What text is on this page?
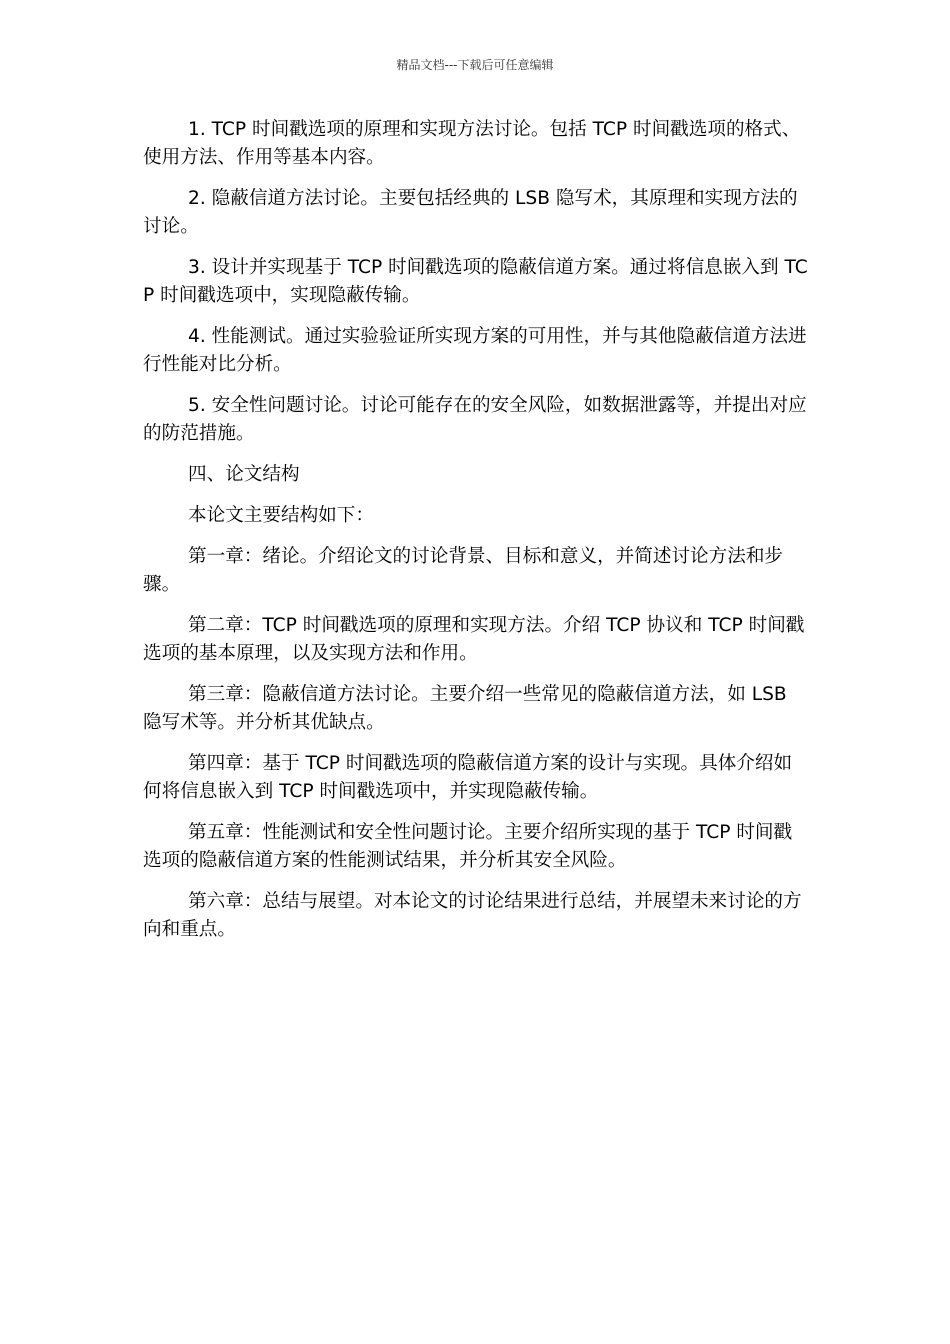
精品文档---下载后可任意编辑

1. TCP 时间戳选项的原理和实现方法讨论。包括 TCP 时间戳选项的格式、使用方法、作用等基本内容。

2. 隐蔽信道方法讨论。主要包括经典的 LSB 隐写术，其原理和实现方法的讨论。

3. 设计并实现基于 TCP 时间戳选项的隐蔽信道方案。通过将信息嵌入到 TCP 时间戳选项中，实现隐蔽传输。

4. 性能测试。通过实验验证所实现方案的可用性，并与其他隐蔽信道方法进行性能对比分析。

5. 安全性问题讨论。讨论可能存在的安全风险，如数据泄露等，并提出对应的防范措施。

四、论文结构

本论文主要结构如下：

第一章：绪论。介绍论文的讨论背景、目标和意义，并简述讨论方法和步骤。

第二章：TCP 时间戳选项的原理和实现方法。介绍 TCP 协议和 TCP 时间戳选项的基本原理，以及实现方法和作用。

第三章：隐蔽信道方法讨论。主要介绍一些常见的隐蔽信道方法，如 LSB 隐写术等。并分析其优缺点。

第四章：基于 TCP 时间戳选项的隐蔽信道方案的设计与实现。具体介绍如何将信息嵌入到 TCP 时间戳选项中，并实现隐蔽传输。

第五章：性能测试和安全性问题讨论。主要介绍所实现的基于 TCP 时间戳选项的隐蔽信道方案的性能测试结果，并分析其安全风险。

第六章：总结与展望。对本论文的讨论结果进行总结，并展望未来讨论的方向和重点。
